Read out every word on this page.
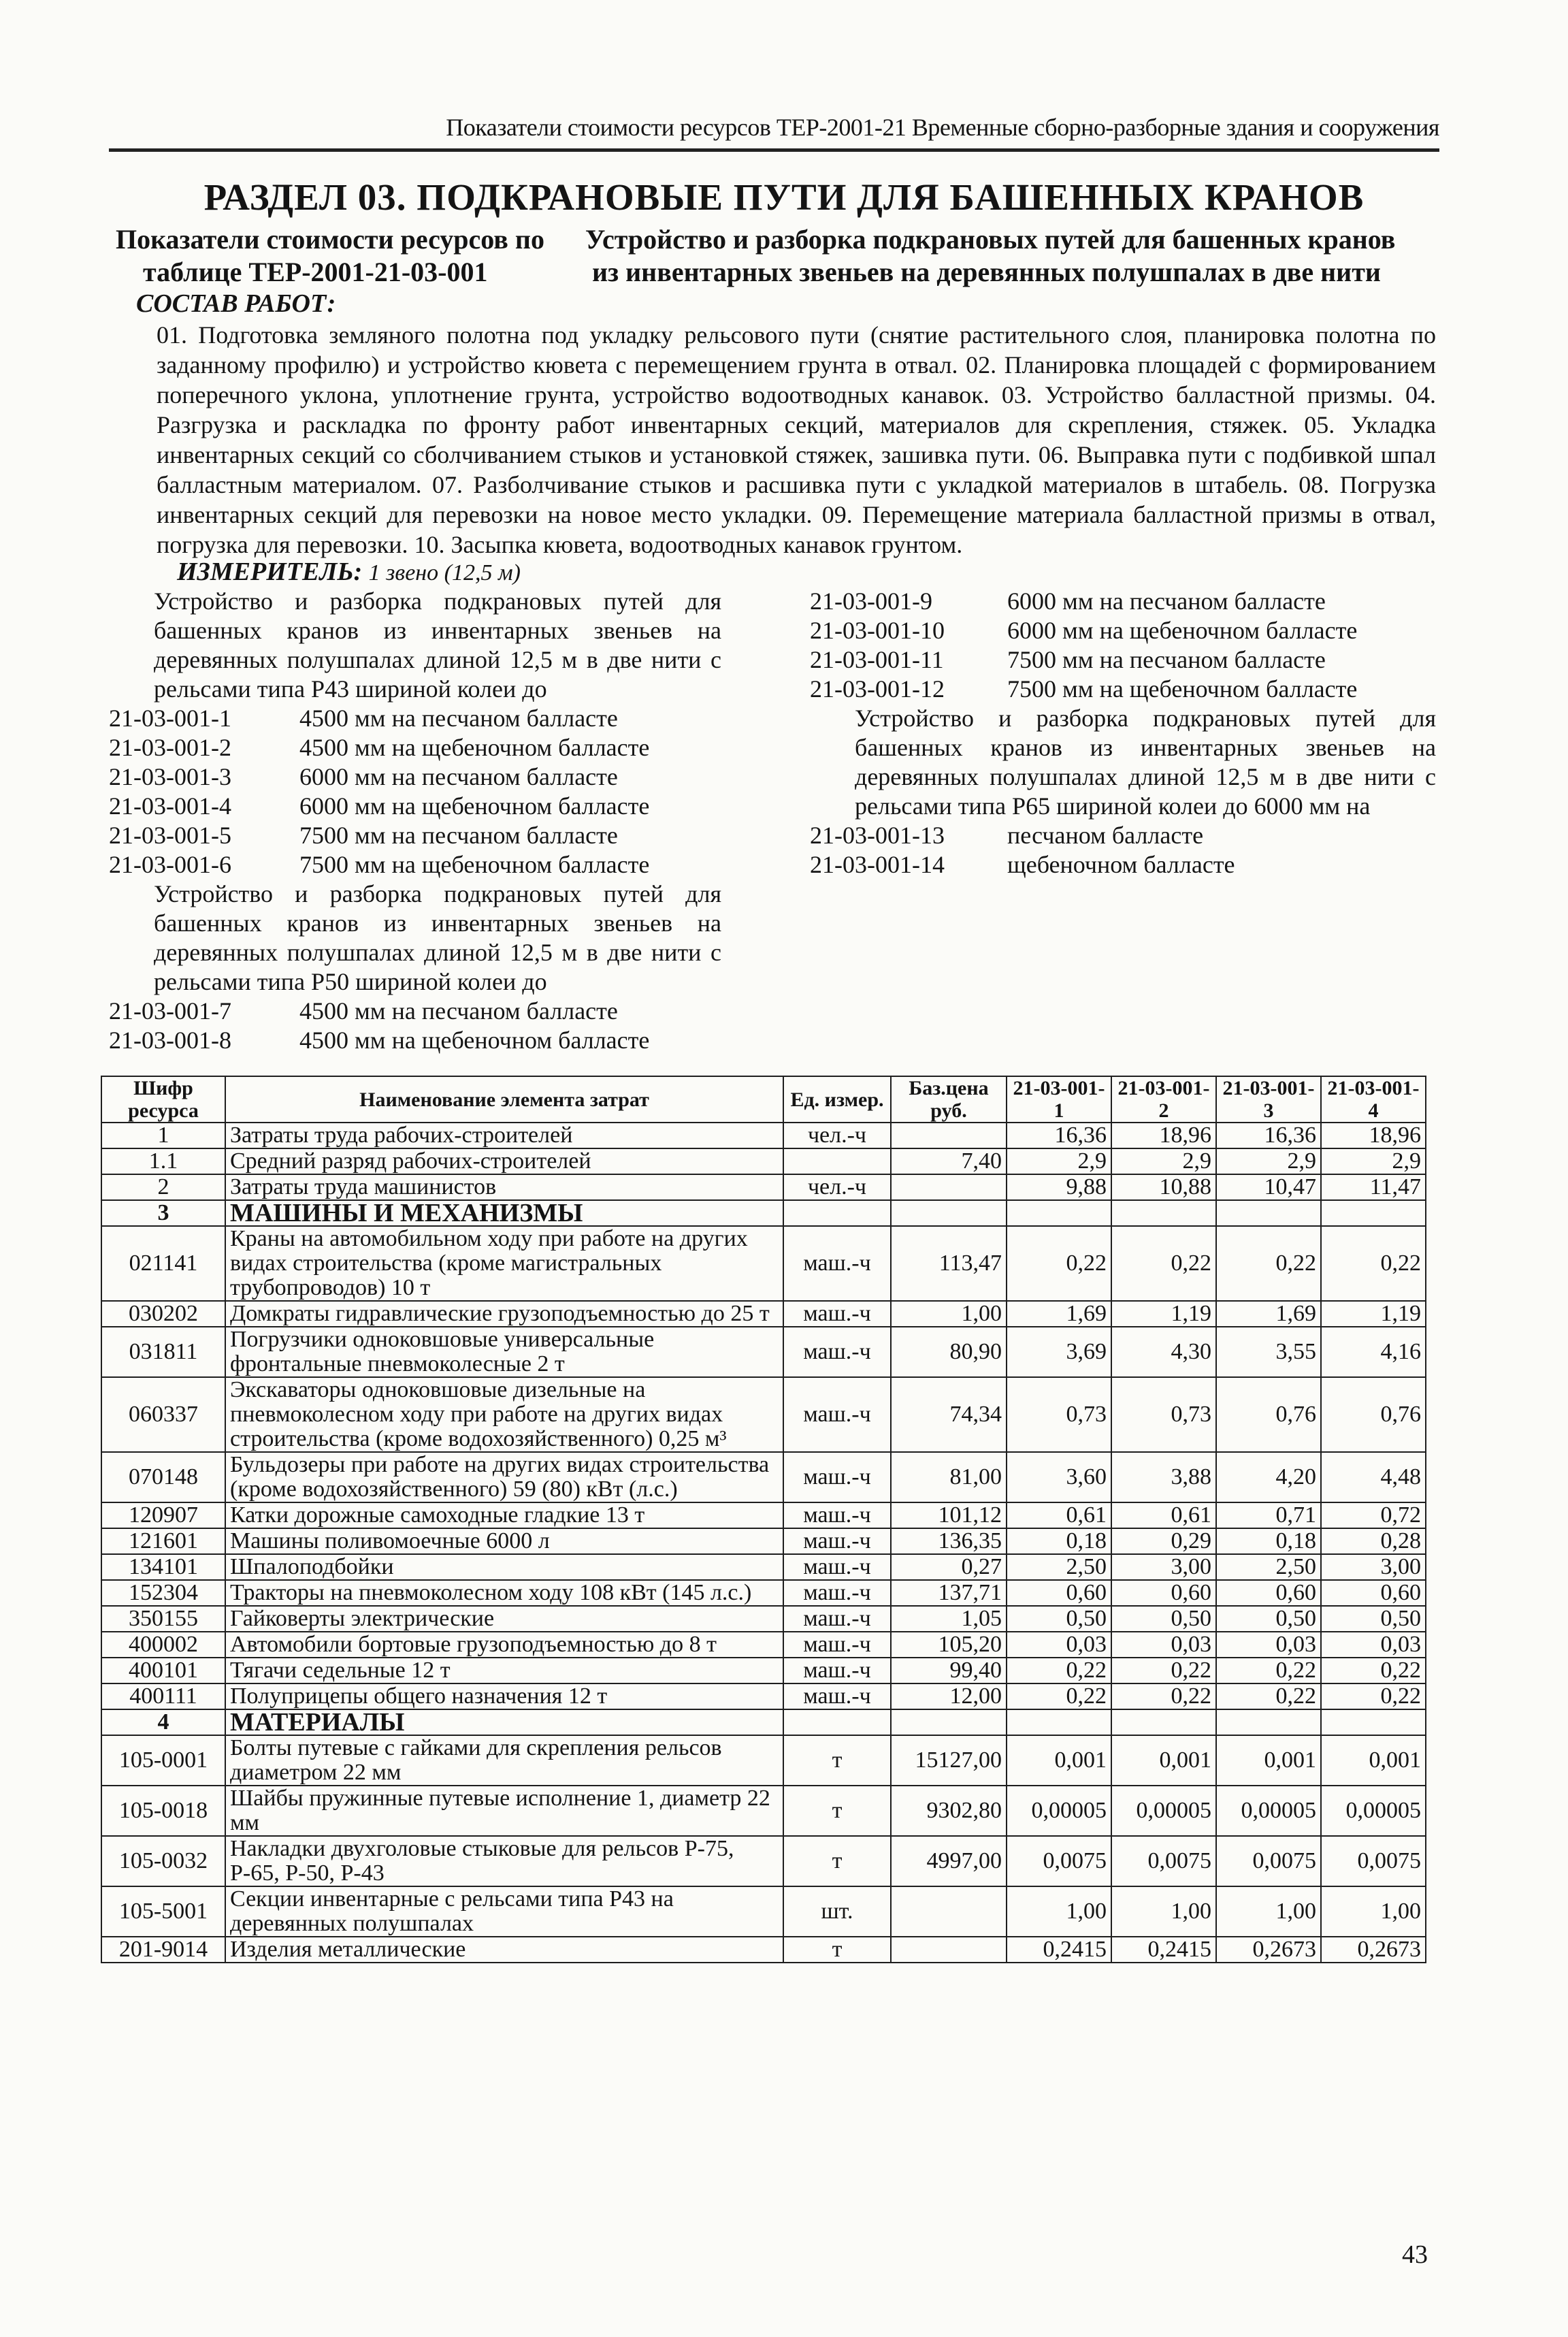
Показатели стоимости ресурсов ТЕР-2001-21 Временные сборно-разборные здания и сооружения
РАЗДЕЛ 03. ПОДКРАНОВЫЕ ПУТИ ДЛЯ БАШЕННЫХ КРАНОВ
Показатели стоимости ресурсов по
таблице ТЕР-2001-21-03-001
Устройство и разборка подкрановых путей для башенных кранов
из инвентарных звеньев на деревянных полушпалах в две нити
СОСТАВ РАБОТ:
01. Подготовка земляного полотна под укладку рельсового пути (снятие растительного слоя, планировка полотна по заданному профилю) и устройство кювета с перемещением грунта в отвал. 02. Планировка площадей с формированием поперечного уклона, уплотнение грунта, устройство водоотводных канавок. 03. Устройство балластной призмы. 04. Разгрузка и раскладка по фронту работ инвентарных секций, материалов для скрепления, стяжек. 05. Укладка инвентарных секций со сболчиванием стыков и установкой стяжек, зашивка пути. 06. Выправка пути с подбивкой шпал балластным материалом. 07. Разболчивание стыков и расшивка пути с укладкой материалов в штабель. 08. Погрузка инвентарных секций для перевозки на новое место укладки. 09. Перемещение материала балластной призмы в отвал, погрузка для перевозки. 10. Засыпка кювета, водоотводных канавок грунтом.
ИЗМЕРИТЕЛЬ: 1 звено (12,5 м)
Устройство и разборка подкрановых путей для башенных кранов из инвентарных звеньев на деревянных полушпалах длиной 12,5 м в две нити с рельсами типа Р43 шириной колеи до
21-03-001-1	4500 мм на песчаном балласте
21-03-001-2	4500 мм на щебеночном балласте
21-03-001-3	6000 мм на песчаном балласте
21-03-001-4	6000 мм на щебеночном балласте
21-03-001-5	7500 мм на песчаном балласте
21-03-001-6	7500 мм на щебеночном балласте
Устройство и разборка подкрановых путей для башенных кранов из инвентарных звеньев на деревянных полушпалах длиной 12,5 м в две нити с рельсами типа Р50 шириной колеи до
21-03-001-7	4500 мм на песчаном балласте
21-03-001-8	4500 мм на щебеночном балласте
21-03-001-9	6000 мм на песчаном балласте
21-03-001-10	6000 мм на щебеночном балласте
21-03-001-11	7500 мм на песчаном балласте
21-03-001-12	7500 мм на щебеночном балласте
Устройство и разборка подкрановых путей для башенных кранов из инвентарных звеньев на деревянных полушпалах длиной 12,5 м в две нити с рельсами типа Р65 шириной колеи до 6000 мм на
21-03-001-13	песчаном балласте
21-03-001-14	щебеночном балласте
Шифр ресурса	Наименование элемента затрат	Ед. измер.	Баз.цена руб.	21-03-001-1	21-03-001-2	21-03-001-3	21-03-001-4
1	Затраты труда рабочих-строителей	чел.-ч		16,36	18,96	16,36	18,96
1.1	Средний разряд рабочих-строителей		7,40	2,9	2,9	2,9	2,9
2	Затраты труда машинистов	чел.-ч		9,88	10,88	10,47	11,47
3	МАШИНЫ И МЕХАНИЗМЫ						
021141	Краны на автомобильном ходу при работе на других видах строительства (кроме магистральных трубопроводов) 10 т	маш.-ч	113,47	0,22	0,22	0,22	0,22
030202	Домкраты гидравлические грузоподъемностью до 25 т	маш.-ч	1,00	1,69	1,19	1,69	1,19
031811	Погрузчики одноковшовые универсальные фронтальные пневмоколесные 2 т	маш.-ч	80,90	3,69	4,30	3,55	4,16
060337	Экскаваторы одноковшовые дизельные на пневмоколесном ходу при работе на других видах строительства (кроме водохозяйственного) 0,25 м³	маш.-ч	74,34	0,73	0,73	0,76	0,76
070148	Бульдозеры при работе на других видах строительства (кроме водохозяйственного) 59 (80) кВт (л.с.)	маш.-ч	81,00	3,60	3,88	4,20	4,48
120907	Катки дорожные самоходные гладкие 13 т	маш.-ч	101,12	0,61	0,61	0,71	0,72
121601	Машины поливомоечные 6000 л	маш.-ч	136,35	0,18	0,29	0,18	0,28
134101	Шпалоподбойки	маш.-ч	0,27	2,50	3,00	2,50	3,00
152304	Тракторы на пневмоколесном ходу 108 кВт (145 л.с.)	маш.-ч	137,71	0,60	0,60	0,60	0,60
350155	Гайковерты электрические	маш.-ч	1,05	0,50	0,50	0,50	0,50
400002	Автомобили бортовые грузоподъемностью до 8 т	маш.-ч	105,20	0,03	0,03	0,03	0,03
400101	Тягачи седельные 12 т	маш.-ч	99,40	0,22	0,22	0,22	0,22
400111	Полуприцепы общего назначения 12 т	маш.-ч	12,00	0,22	0,22	0,22	0,22
4	МАТЕРИАЛЫ						
105-0001	Болты путевые с гайками для скрепления рельсов диаметром 22 мм	т	15127,00	0,001	0,001	0,001	0,001
105-0018	Шайбы пружинные путевые исполнение 1, диаметр 22 мм	т	9302,80	0,00005	0,00005	0,00005	0,00005
105-0032	Накладки двухголовые стыковые для рельсов Р-75, Р-65, Р-50, Р-43	т	4997,00	0,0075	0,0075	0,0075	0,0075
105-5001	Секции инвентарные с рельсами типа Р43 на деревянных полушпалах	шт.		1,00	1,00	1,00	1,00
201-9014	Изделия металлические	т		0,2415	0,2415	0,2673	0,2673
43
